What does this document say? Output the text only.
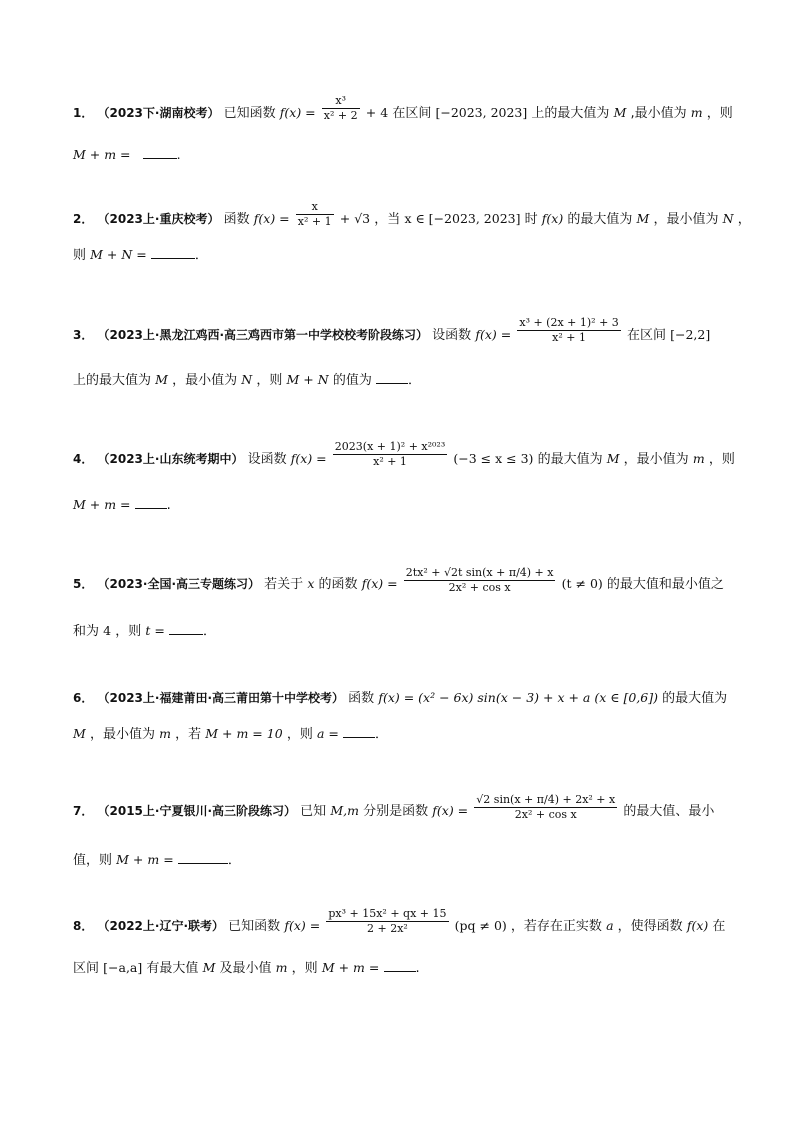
1． （2023下·湖南校考） 已知函数 $f(x) = \frac{\text{x³}}{\text{x² + 2}} + 4$ 在区间 [−2023, 2023] 上的最大值为 M ,最小值为 m ，则
M + m =	.
2． （2023上·重庆校考） 函数 $f(x) = \frac{x}{\text{x² + 1}} + √3$ ，当 x ∈ [−2023, 2023] 时 f(x) 的最大值为 M ，最小值为 N ，
则 M + N =	．
3． （2023上·黑龙江鸡西·高三鸡西市第一中学校校考阶段练习） 设函数 $f(x) = \frac{\text{x³ + (2x + 1)² + 3}}{\text{x² + 1}}$ 在区间 [−2,2]
上的最大值为 M ，最小值为 N ，则 M + N 的值为	．
4． （2023上·山东统考期中） 设函数 $f(x) = \frac{\text{2023(x + 1)² + x²⁰²³}}{\text{x² + 1}} (-3 \le x \le 3)$ 的最大值为 M ，最小值为 m ，则
M + m =	.
5． （2023·全国·高三专题练习） 若关于 x 的函数 $f(x) = \frac{\text{2tx² + √2t sin(x + π/4) + x}}{\text{2x² + cos x}} (t \ne 0)$ 的最大值和最小值之
和为 4 ，则 t =	．
6． （2023上·福建莆田·高三莆田第十中学校考） 函数 f(x) = (x² − 6x) sin(x − 3) + x + a (x ∈ [0,6]) 的最大值为
M ，最小值为 m ，若 M + m = 10 ，则 a =	．
7． （2015上·宁夏银川·高三阶段练习） 已知 M,m 分别是函数 $f(x) = \frac{\text{√2 sin(x + π/4) + 2x² + x}}{\text{2x² + cos x}}$ 的最大值、最小
值，则 M + m =	．
8． （2022上·辽宁·联考） 已知函数 $f(x) = \frac{\text{px³ + 15x² + qx + 15}}{\text{2 + 2x²}} (pq \ne 0)$ ，若存在正实数 a ，使得函数 f(x) 在
区间 [−a,a] 有最大值 M 及最小值 m ，则 M + m =	.
